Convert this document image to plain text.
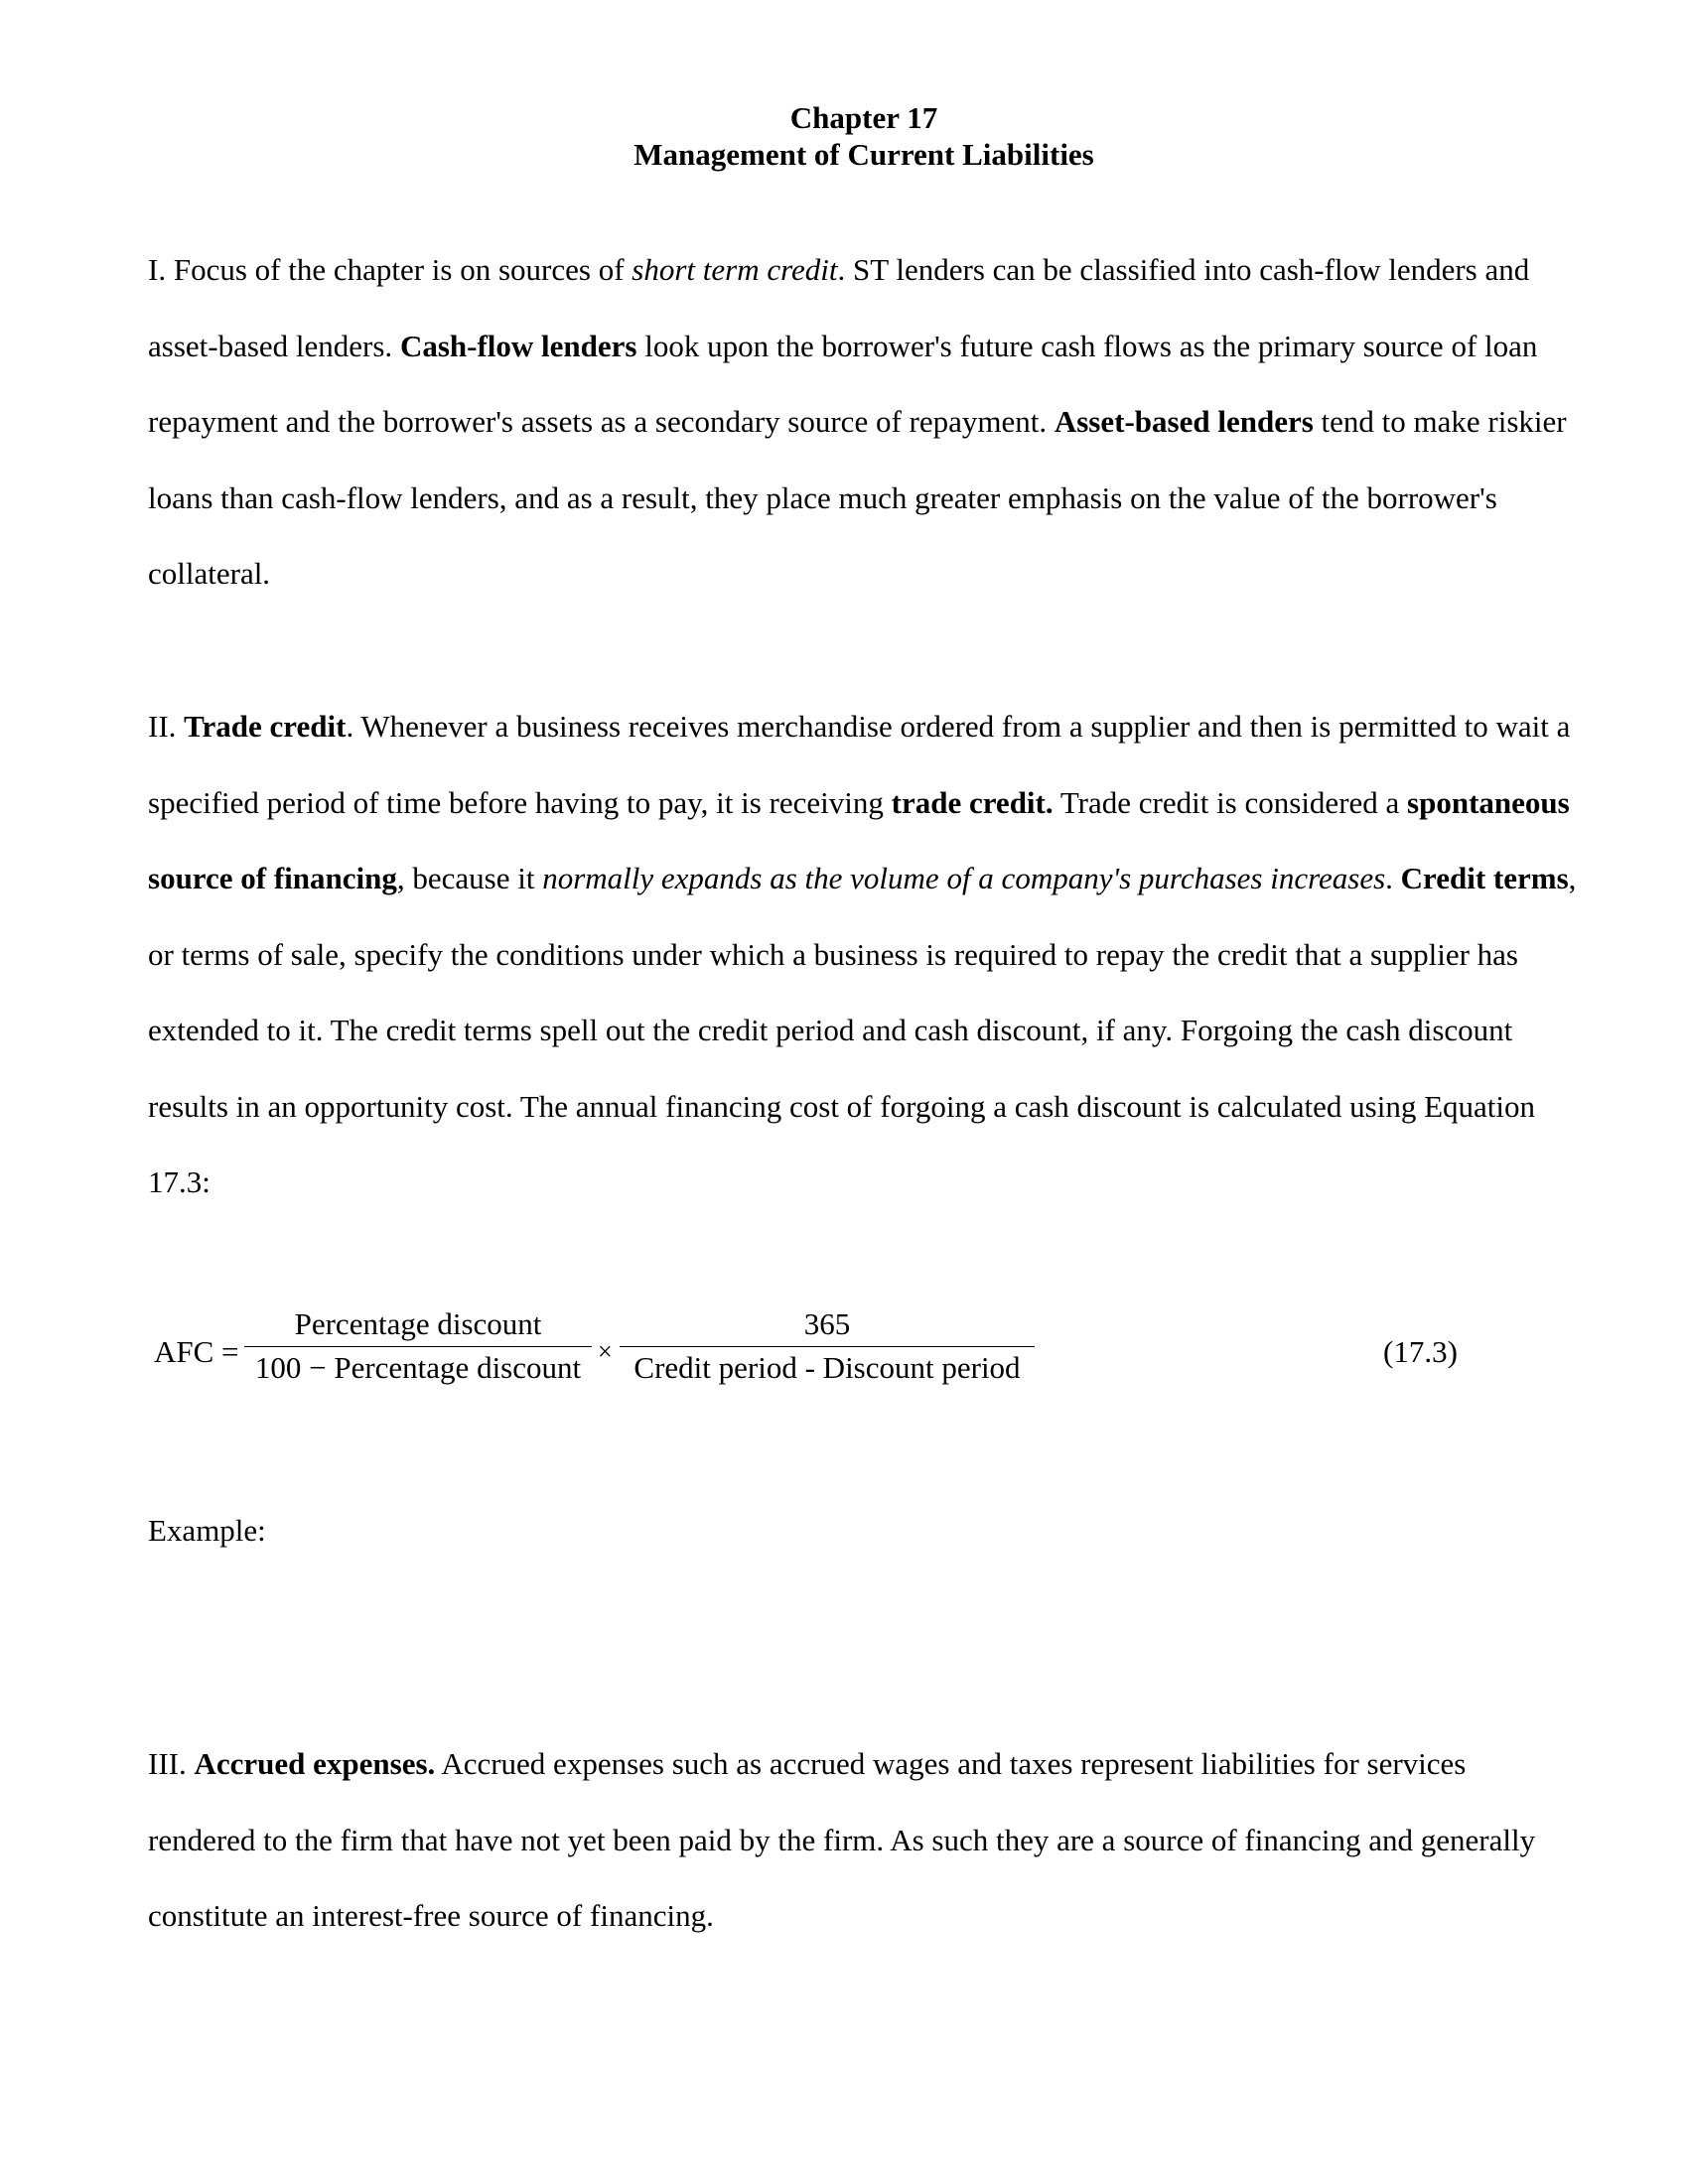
Chapter 17
Management of Current Liabilities

I. Focus of the chapter is on sources of short term credit. ST lenders can be classified into cash-flow lenders and asset-based lenders. Cash-flow lenders look upon the borrower's future cash flows as the primary source of loan repayment and the borrower's assets as a secondary source of repayment. Asset-based lenders tend to make riskier loans than cash-flow lenders, and as a result, they place much greater emphasis on the value of the borrower's collateral.

II. Trade credit. Whenever a business receives merchandise ordered from a supplier and then is permitted to wait a specified period of time before having to pay, it is receiving trade credit. Trade credit is considered a spontaneous source of financing, because it normally expands as the volume of a company's purchases increases. Credit terms, or terms of sale, specify the conditions under which a business is required to repay the credit that a supplier has extended to it. The credit terms spell out the credit period and cash discount, if any. Forgoing the cash discount results in an opportunity cost. The annual financing cost of forgoing a cash discount is calculated using Equation 17.3:

AFC =
Percentage discount
100 − Percentage discount ×
365
Credit period - Discount period	(17.3)
Example:

III. Accrued expenses. Accrued expenses such as accrued wages and taxes represent liabilities for services rendered to the firm that have not yet been paid by the firm. As such they are a source of financing and generally constitute an interest-free source of financing.
